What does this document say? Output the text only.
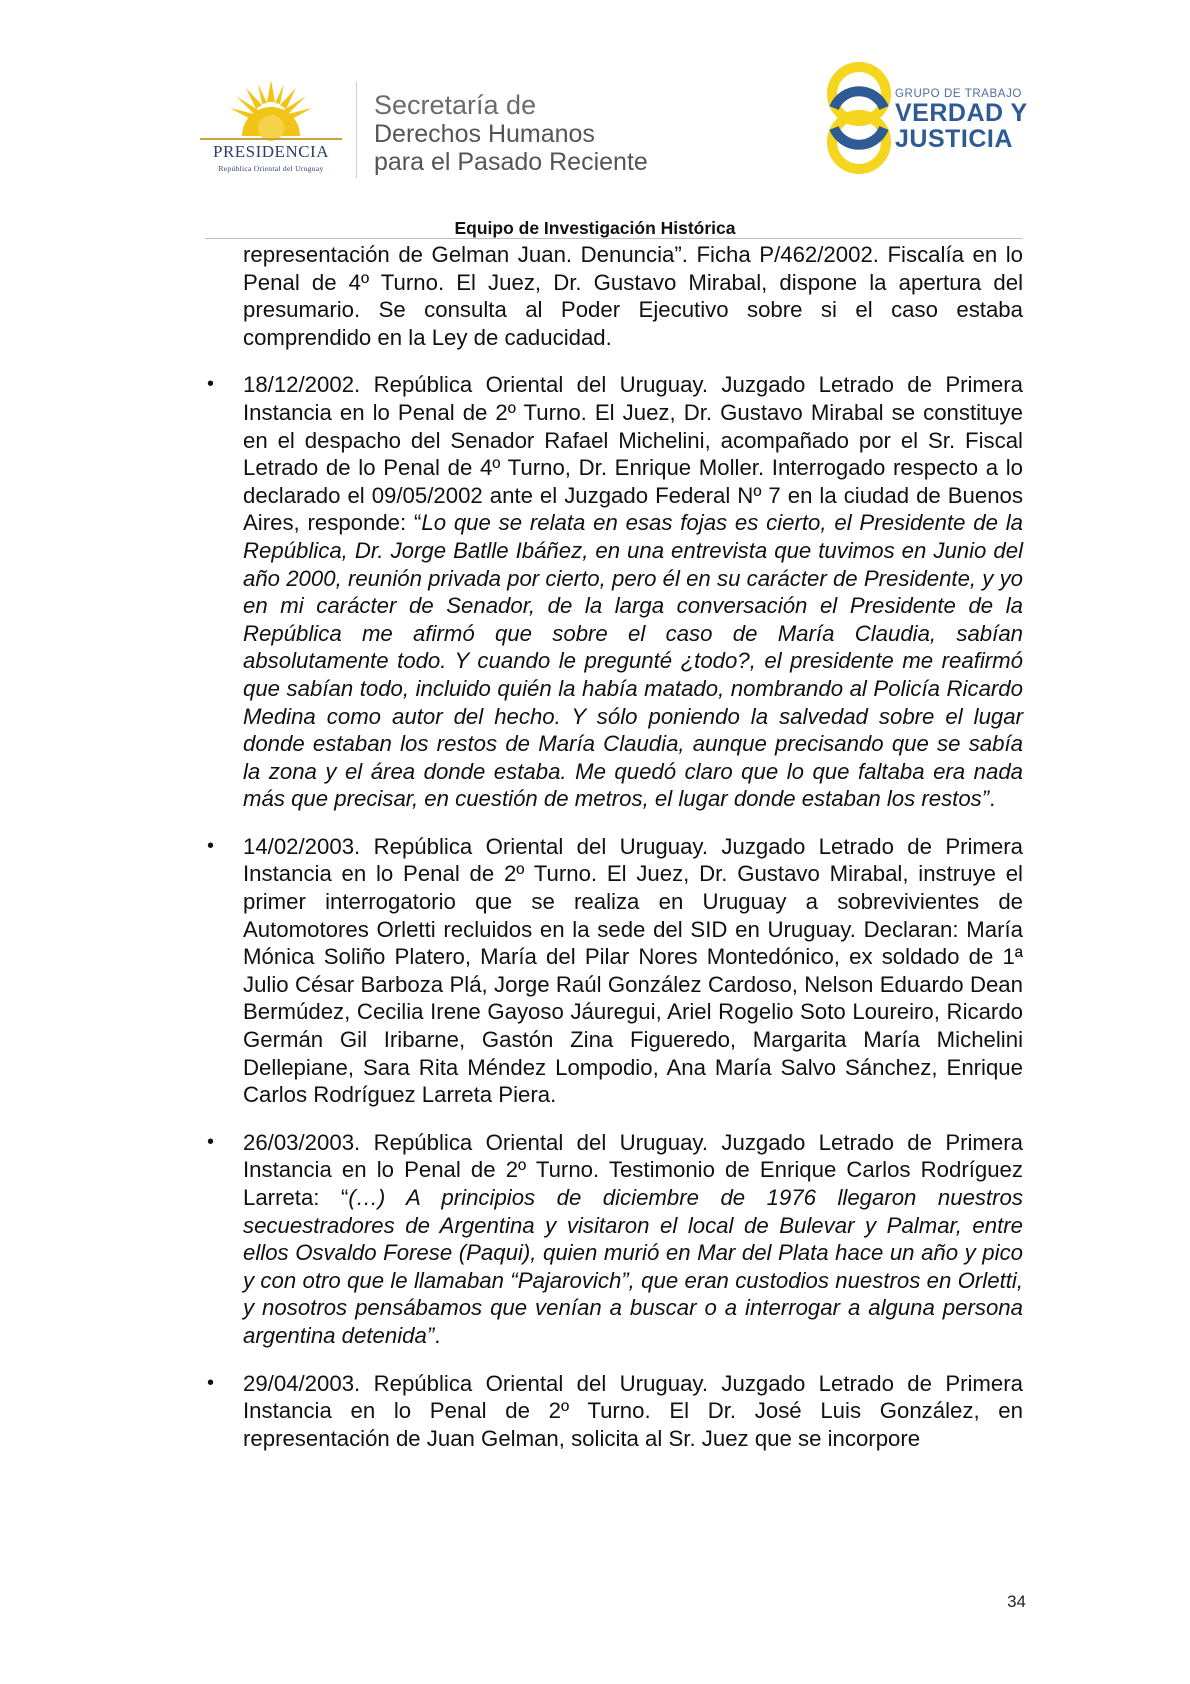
PRESIDENCIA
República Oriental del Uruguay
Secretaría de
Derechos Humanos
para el Pasado Reciente
GRUPO DE TRABAJO
VERDAD Y
JUSTICIA
Equipo de Investigación Histórica

representación de Gelman Juan. Denuncia”. Ficha P/462/2002. Fiscalía en lo Penal de 4º Turno. El Juez, Dr. Gustavo Mirabal, dispone la apertura del presumario. Se consulta al Poder Ejecutivo sobre si el caso estaba comprendido en la Ley de caducidad.

• 18/12/2002. República Oriental del Uruguay. Juzgado Letrado de Primera Instancia en lo Penal de 2º Turno. El Juez, Dr. Gustavo Mirabal se constituye en el despacho del Senador Rafael Michelini, acompañado por el Sr. Fiscal Letrado de lo Penal de 4º Turno, Dr. Enrique Moller. Interrogado respecto a lo declarado el 09/05/2002 ante el Juzgado Federal Nº 7 en la ciudad de Buenos Aires, responde: “Lo que se relata en esas fojas es cierto, el Presidente de la República, Dr. Jorge Batlle Ibáñez, en una entrevista que tuvimos en Junio del año 2000, reunión privada por cierto, pero él en su carácter de Presidente, y yo en mi carácter de Senador, de la larga conversación el Presidente de la República me afirmó que sobre el caso de María Claudia, sabían absolutamente todo. Y cuando le pregunté ¿todo?, el presidente me reafirmó que sabían todo, incluido quién la había matado, nombrando al Policía Ricardo Medina como autor del hecho. Y sólo poniendo la salvedad sobre el lugar donde estaban los restos de María Claudia, aunque precisando que se sabía la zona y el área donde estaba. Me quedó claro que lo que faltaba era nada más que precisar, en cuestión de metros, el lugar donde estaban los restos”.
• 14/02/2003. República Oriental del Uruguay. Juzgado Letrado de Primera Instancia en lo Penal de 2º Turno. El Juez, Dr. Gustavo Mirabal, instruye el primer interrogatorio que se realiza en Uruguay a sobrevivientes de Automotores Orletti recluidos en la sede del SID en Uruguay. Declaran: María Mónica Soliño Platero, María del Pilar Nores Montedónico, ex soldado de 1ª Julio César Barboza Plá, Jorge Raúl González Cardoso, Nelson Eduardo Dean Bermúdez, Cecilia Irene Gayoso Jáuregui, Ariel Rogelio Soto Loureiro, Ricardo Germán Gil Iribarne, Gastón Zina Figueredo, Margarita María Michelini Dellepiane, Sara Rita Méndez Lompodio, Ana María Salvo Sánchez, Enrique Carlos Rodríguez Larreta Piera.
• 26/03/2003. República Oriental del Uruguay. Juzgado Letrado de Primera Instancia en lo Penal de 2º Turno. Testimonio de Enrique Carlos Rodríguez Larreta: “(…) A principios de diciembre de 1976 llegaron nuestros secuestradores de Argentina y visitaron el local de Bulevar y Palmar, entre ellos Osvaldo Forese (Paqui), quien murió en Mar del Plata hace un año y pico y con otro que le llamaban “Pajarovich”, que eran custodios nuestros en Orletti, y nosotros pensábamos que venían a buscar o a interrogar a alguna persona argentina detenida”.
• 29/04/2003. República Oriental del Uruguay. Juzgado Letrado de Primera Instancia en lo Penal de 2º Turno. El Dr. José Luis González, en representación de Juan Gelman, solicita al Sr. Juez que se incorpore
34
